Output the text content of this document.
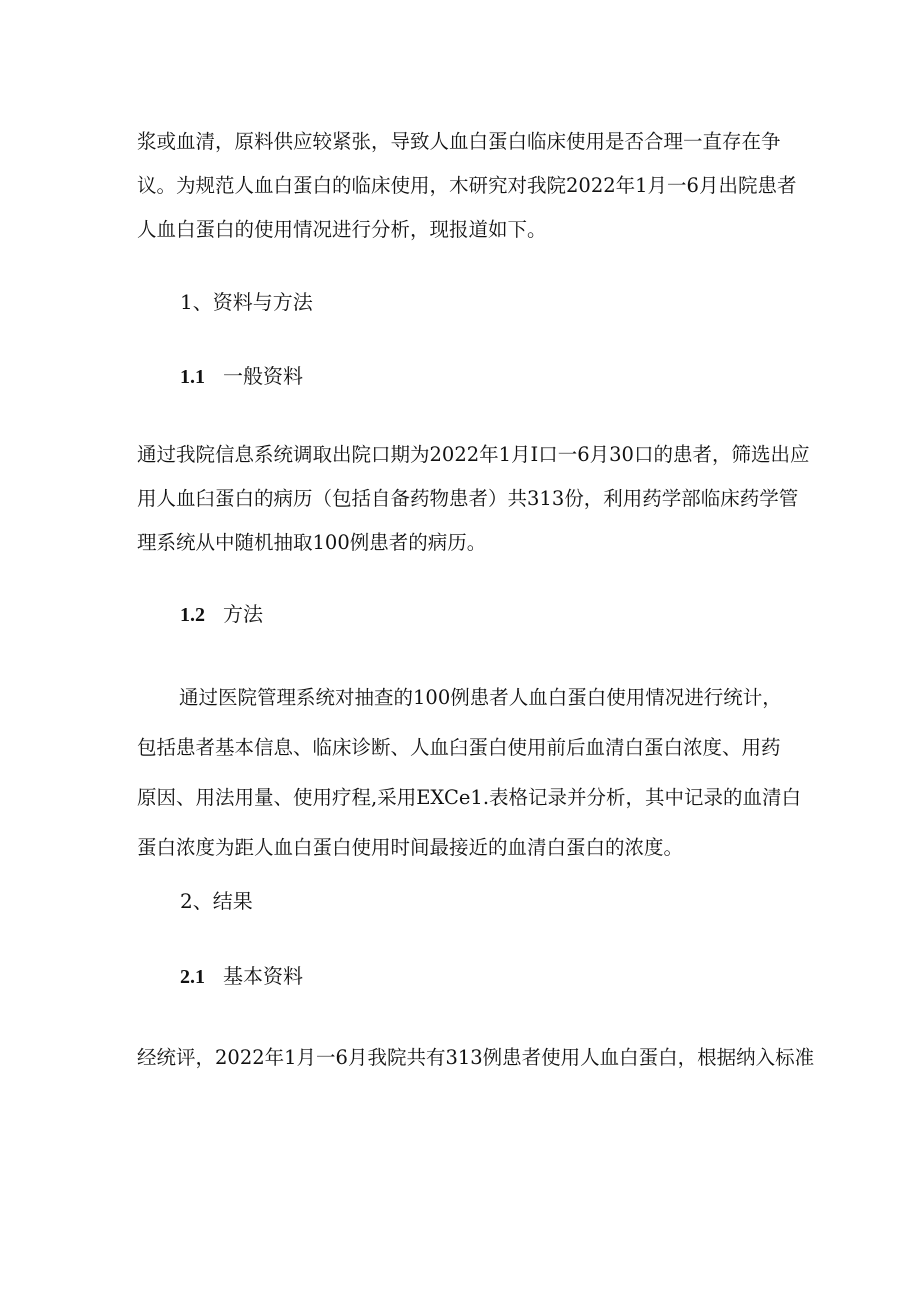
浆或血清，原料供应较紧张，导致人血白蛋白临床使用是否合理一直存在争
议。为规范人血白蛋白的临床使用，木研究对我院2022年1月一6月出院患者
人血白蛋白的使用情况进行分析，现报道如下。
1、资料与方法
1.1 一般资料
通过我院信息系统调取出院口期为2022年1月I口一6月30口的患者，筛选出应
用人血臼蛋白的病历（包括自备药物患者）共313份，利用药学部临床药学管
理系统从中随机抽取100例患者的病历。
1.2 方法
通过医院管理系统对抽查的100例患者人血白蛋白使用情况进行统计，
包括患者基本信息、临床诊断、人血臼蛋白使用前后血清白蛋白浓度、用药
原因、用法用量、使用疗程,采用EXCe1.表格记录并分析，其中记录的血清白
蛋白浓度为距人血白蛋白使用时间最接近的血清白蛋白的浓度。
2、结果
2.1 基本资料
经统评，2022年1月一6月我院共有313例患者使用人血白蛋白，根据纳入标准
